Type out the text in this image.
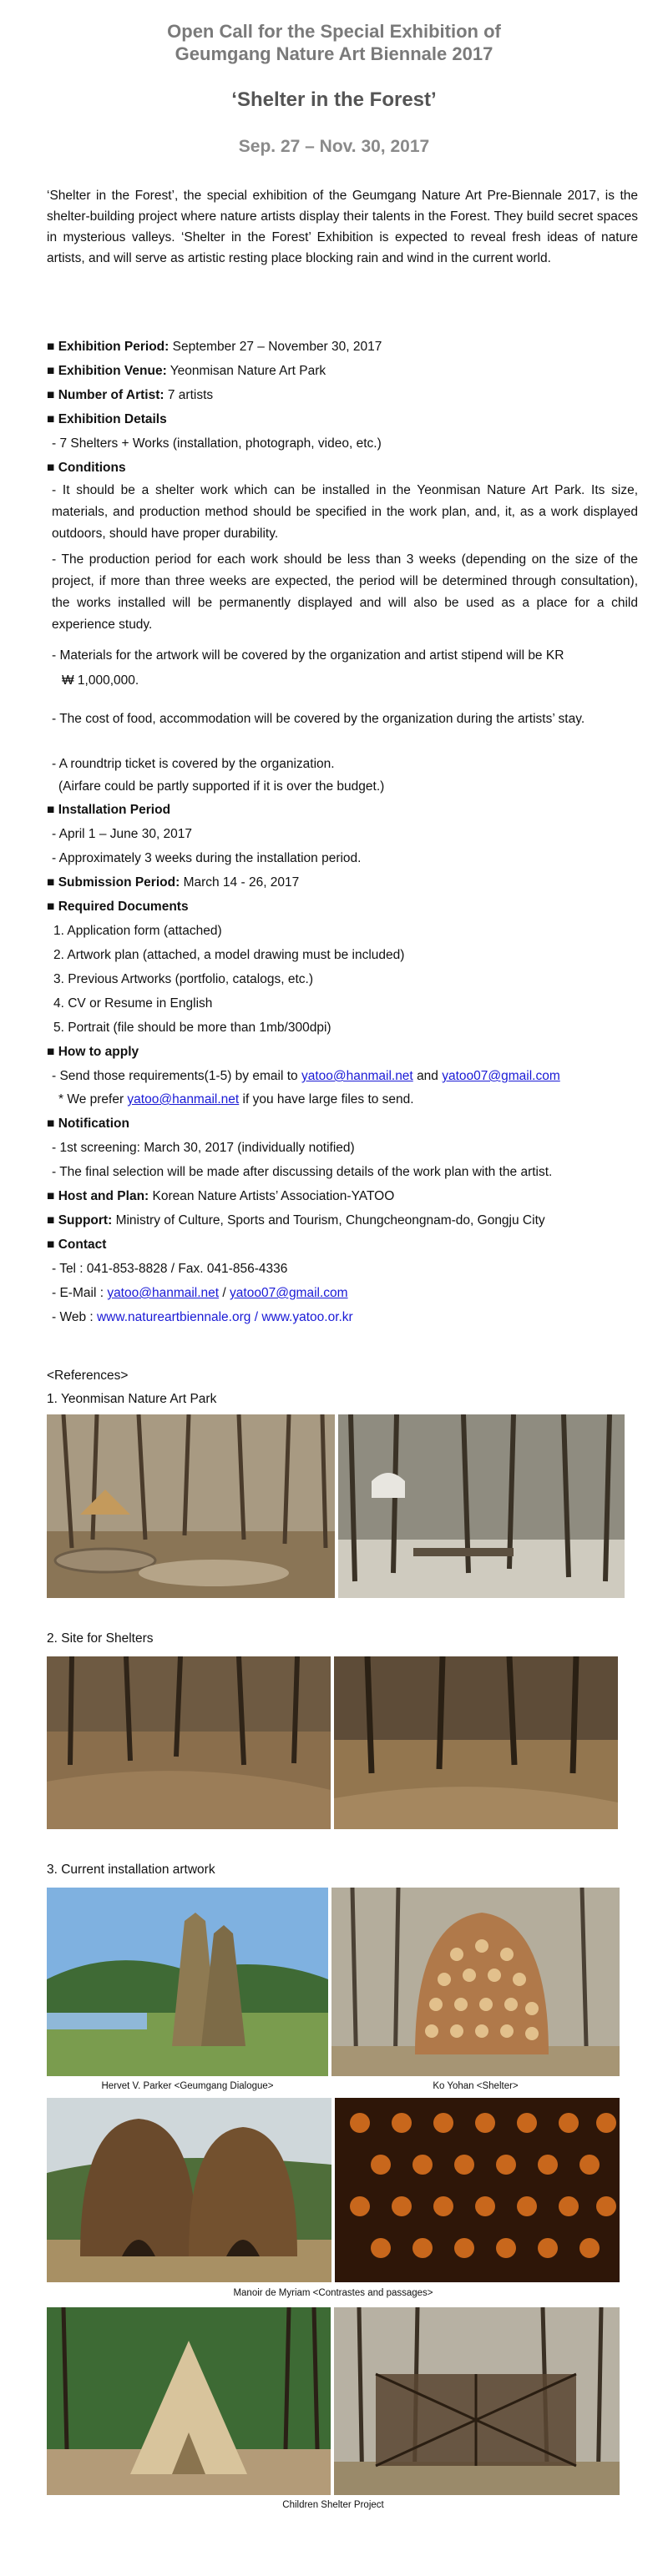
Open Call for the Special Exhibition of
Geumgang Nature Art Biennale 2017
‘Shelter in the Forest’
Sep. 27 – Nov. 30, 2017
‘Shelter in the Forest’, the special exhibition of the Geumgang Nature Art Pre-Biennale 2017, is the shelter-building project where nature artists display their talents in the Forest. They build secret spaces in mysterious valleys. ‘Shelter in the Forest’ Exhibition is expected to reveal fresh ideas of nature artists, and will serve as artistic resting place blocking rain and wind in the current world.
■ Exhibition Period: September 27 – November 30, 2017
■ Exhibition Venue: Yeonmisan Nature Art Park
■ Number of Artist: 7 artists
■ Exhibition Details
- 7 Shelters + Works (installation, photograph, video, etc.)
■ Conditions
- It should be a shelter work which can be installed in the Yeonmisan Nature Art Park. Its size, materials, and production method should be specified in the work plan, and, it, as a work displayed outdoors, should have proper durability.
- The production period for each work should be less than 3 weeks (depending on the size of the project, if more than three weeks are expected, the period will be determined through consultation), the works installed will be permanently displayed and will also be used as a place for a child experience study.
- Materials for the artwork will be covered by the organization and artist stipend will be KR
₩ 1,000,000.
- The cost of food, accommodation will be covered by the organization during the artists’ stay.
- A roundtrip ticket is covered by the organization.
(Airfare could be partly supported if it is over the budget.)
■ Installation Period
- April 1 – June 30, 2017
- Approximately 3 weeks during the installation period.
■ Submission Period: March 14 - 26, 2017
■ Required Documents
1. Application form (attached)
2. Artwork plan (attached, a model drawing must be included)
3. Previous Artworks (portfolio, catalogs, etc.)
4. CV or Resume in English
5. Portrait (file should be more than 1mb/300dpi)
■ How to apply
- Send those requirements(1-5) by email to yatoo@hanmail.net and yatoo07@gmail.com
* We prefer yatoo@hanmail.net if you have large files to send.
■ Notification
- 1st screening: March 30, 2017 (individually notified)
- The final selection will be made after discussing details of the work plan with the artist.
■ Host and Plan: Korean Nature Artists’ Association-YATOO
■ Support: Ministry of Culture, Sports and Tourism, Chungcheongnam-do, Gongju City
■ Contact
- Tel : 041-853-8828 / Fax. 041-856-4336
- E-Mail : yatoo@hanmail.net / yatoo07@gmail.com
- Web : www.natureartbiennale.org / www.yatoo.or.kr
<References>
1. Yeonmisan Nature Art Park
2. Site for Shelters
3. Current installation artwork
Hervet V. Parker <Geumgang Dialogue>	Ko Yohan <Shelter>
Manoir de Myriam <Contrastes and passages>
Children Shelter Project
